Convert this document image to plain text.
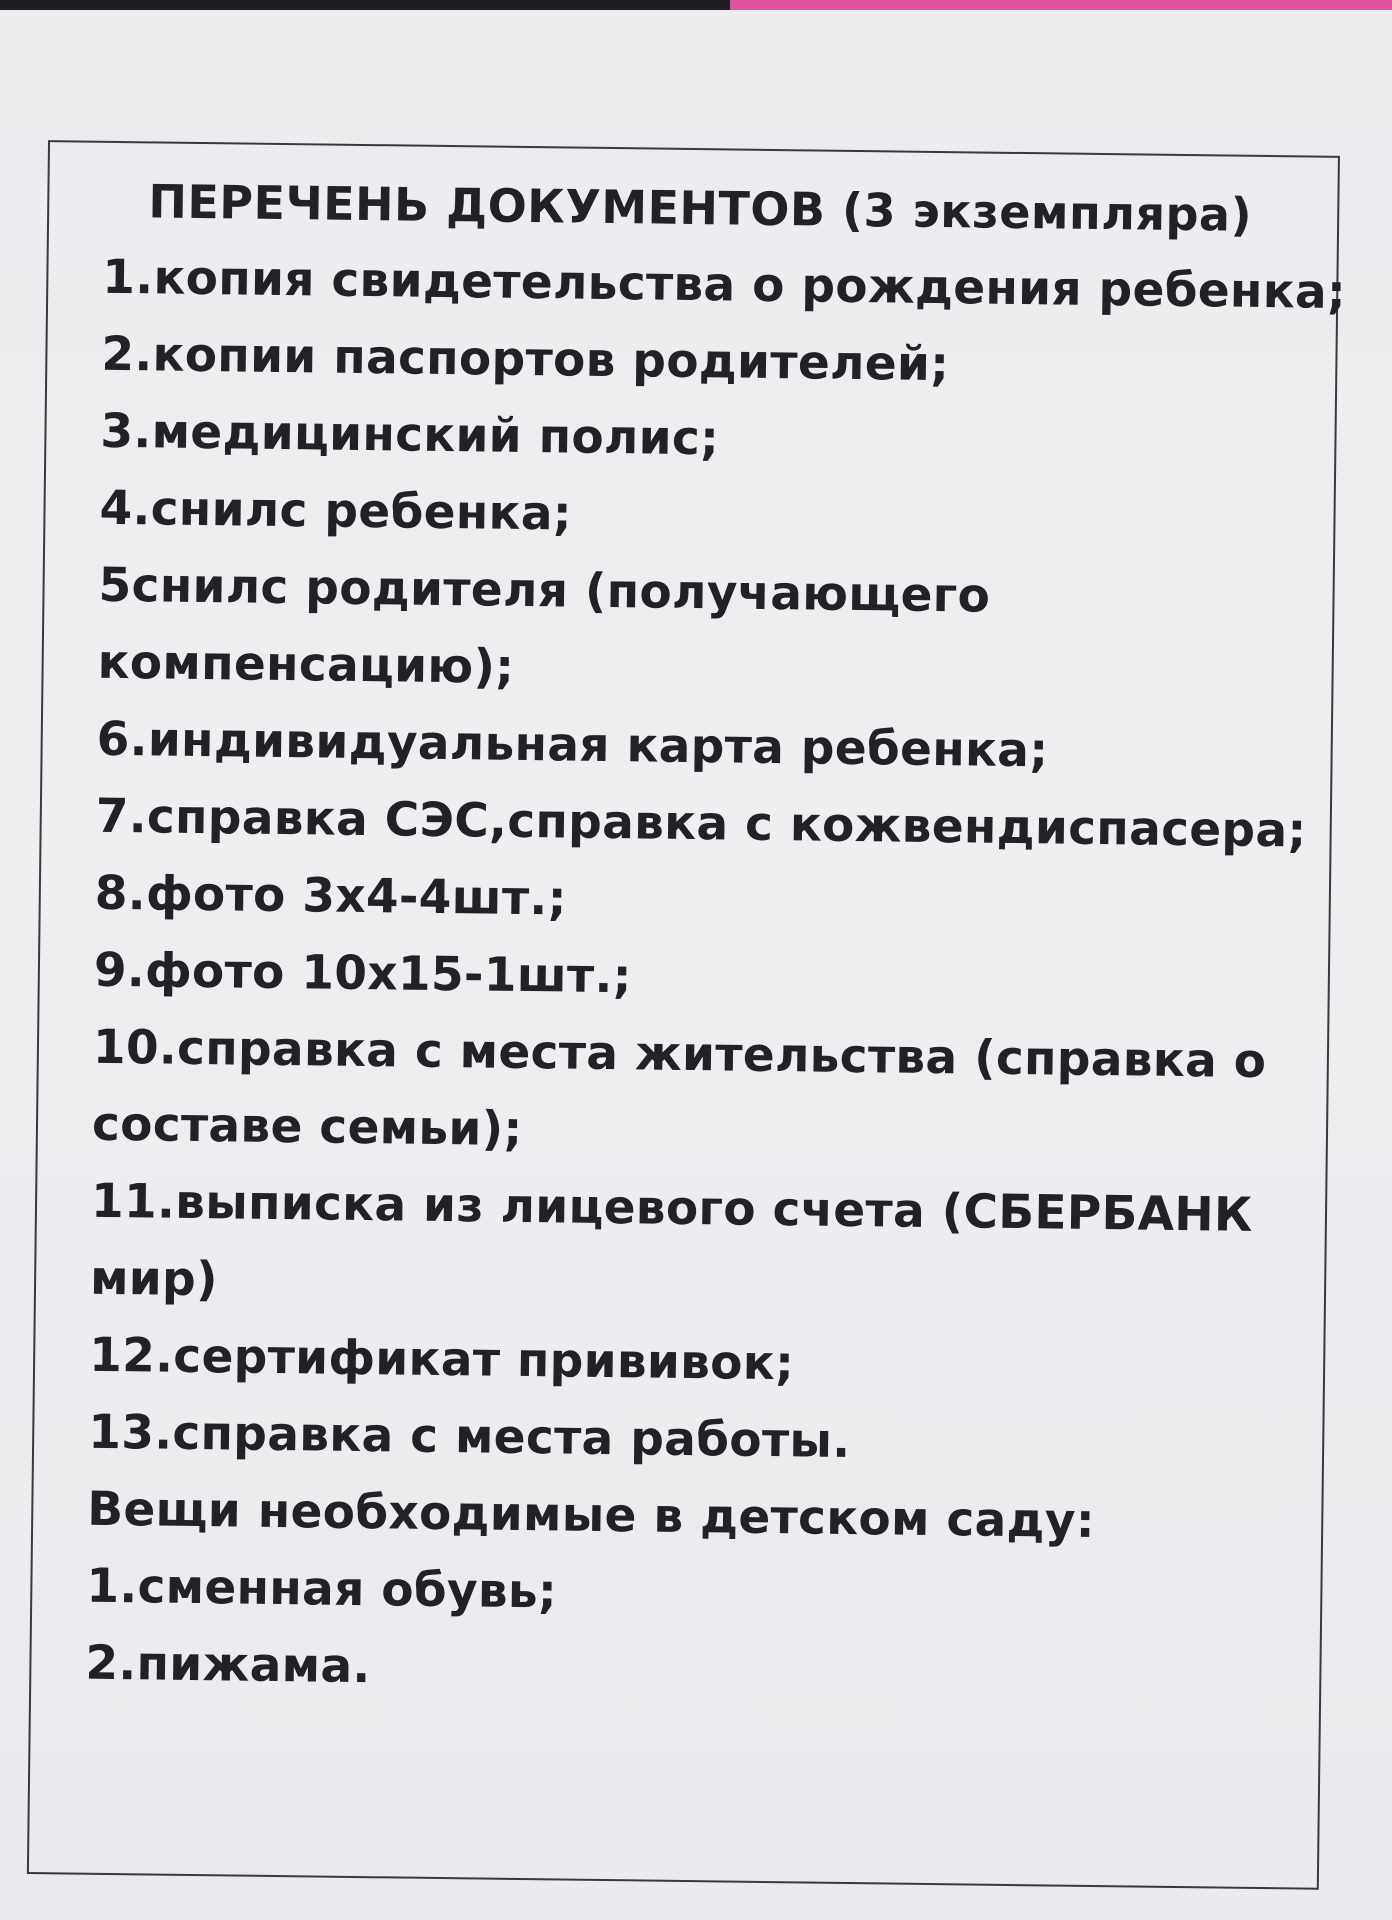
ПЕРЕЧЕНЬ ДОКУМЕНТОВ (3 экземпляра)

1.копия свидетельства о рождения ребенка;

2.копии паспортов родителей;

3.медицинский полис;

4.снилс ребенка;

5снилс родителя (получающего

компенсацию);

6.индивидуальная карта ребенка;

7.справка СЭС,справка с кожвендиспасера;

8.фото 3х4-4шт.;

9.фото 10х15-1шт.;

10.справка с места жительства (справка о

составе семьи);

11.выписка из лицевого счета (СБЕРБАНК

мир)

12.сертификат прививок;

13.справка с места работы.

Вещи необходимые в детском саду:

1.сменная обувь;

2.пижама.
